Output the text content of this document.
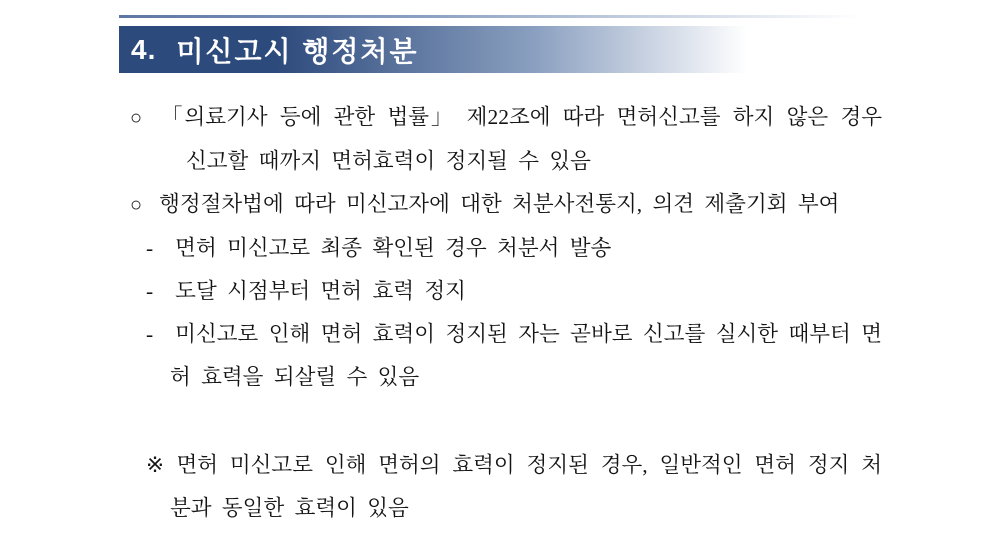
4. 미신고시 행정처분

○ 「의료기사 등에 관한 법률」 제22조에 따라 면허신고를 하지 않은 경우 신고할 때까지 면허효력이 정지될 수 있음

○ 행정절차법에 따라 미신고자에 대한 처분사전통지, 의견 제출기회 부여

- 면허 미신고로 최종 확인된 경우 처분서 발송

- 도달 시점부터 면허 효력 정지

- 미신고로 인해 면허 효력이 정지된 자는 곧바로 신고를 실시한 때부터 면허 효력을 되살릴 수 있음

※ 면허 미신고로 인해 면허의 효력이 정지된 경우, 일반적인 면허 정지 처분과 동일한 효력이 있음
